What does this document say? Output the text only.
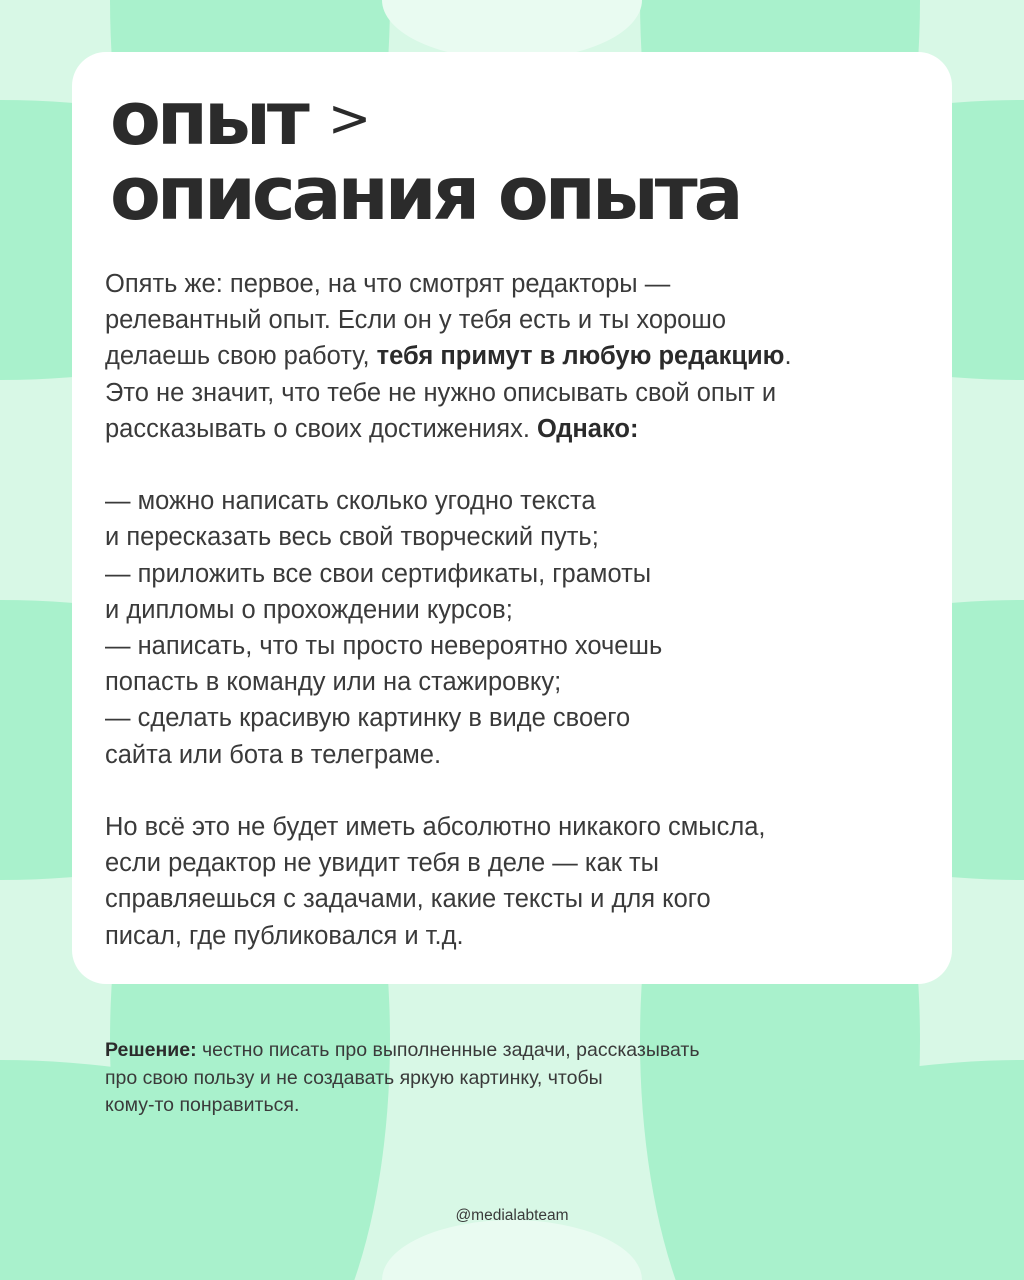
опыт >
описания опыта
Опять же: первое, на что смотрят редакторы —
релевантный опыт. Если он у тебя есть и ты хорошо
делаешь свою работу, тебя примут в любую редакцию.
Это не значит, что тебе не нужно описывать свой опыт и
рассказывать о своих достижениях. Однако:
— можно написать сколько угодно текста
и пересказать весь свой творческий путь;
— приложить все свои сертификаты, грамоты
и дипломы о прохождении курсов;
— написать, что ты просто невероятно хочешь
попасть в команду или на стажировку;
— сделать красивую картинку в виде своего
сайта или бота в телеграме.
Но всё это не будет иметь абсолютно никакого смысла,
если редактор не увидит тебя в деле — как ты
справляешься с задачами, какие тексты и для кого
писал, где публиковался и т.д.
Решение: честно писать про выполненные задачи, рассказывать
про свою пользу и не создавать яркую картинку, чтобы
кому-то понравиться.
@medialabteam
